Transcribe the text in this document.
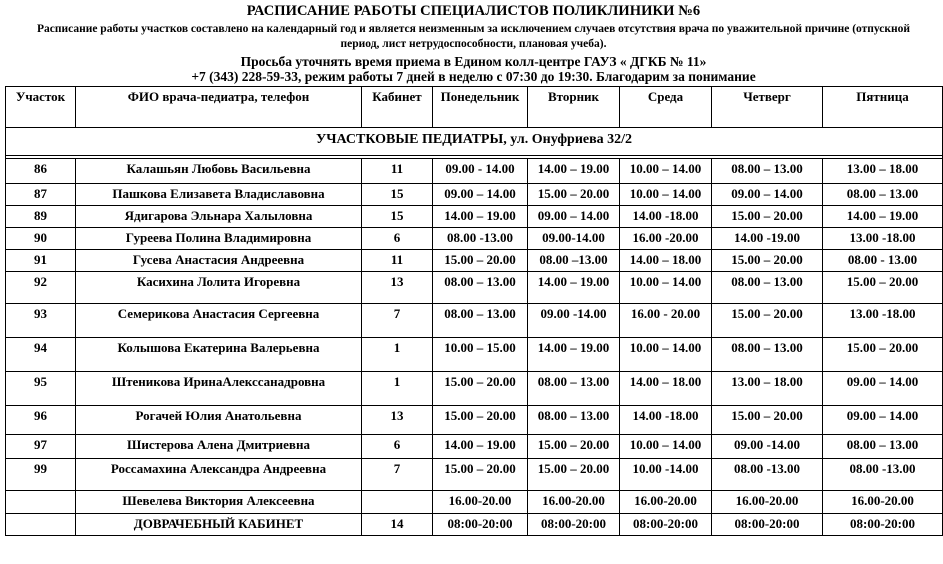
РАСПИСАНИЕ РАБОТЫ СПЕЦИАЛИСТОВ ПОЛИКЛИНИКИ №6
Расписание работы участков составлено на календарный год и является неизменным за исключением случаев отсутствия врача по уважительной причине (отпускной период, лист нетрудоспособности, плановая учеба).
Просьба уточнять время приема в Едином колл-центре ГАУЗ « ДГКБ № 11»
+7 (343) 228-59-33, режим работы 7 дней в неделю с 07:30 до 19:30. Благодарим за понимание
Участок	ФИО врача-педиатра, телефон	Кабинет	Понедельник	Вторник	Среда	Четверг	Пятница
УЧАСТКОВЫЕ ПЕДИАТРЫ, ул. Онуфриева 32/2							

86	Калашьян Любовь Васильевна	11	09.00 - 14.00	14.00 – 19.00	10.00 – 14.00	08.00 – 13.00	13.00 – 18.00
87	Пашкова Елизавета Владиславовна	15	09.00 – 14.00	15.00 – 20.00	10.00 – 14.00	09.00 – 14.00	08.00 – 13.00
89	Ядигарова Эльнара Халыловна	15	14.00 – 19.00	09.00 – 14.00	14.00 -18.00	15.00 – 20.00	14.00 – 19.00
90	Гуреева Полина Владимировна	6	08.00 -13.00	09.00-14.00	16.00 -20.00	14.00 -19.00	13.00 -18.00
91	Гусева Анастасия Андреевна	11	15.00 – 20.00	08.00 –13.00	14.00 – 18.00	15.00 – 20.00	08.00 - 13.00
92	Касихина Лолита Игоревна	13	08.00 – 13.00	14.00 – 19.00	10.00 – 14.00	08.00 – 13.00	15.00 – 20.00
93	Семерикова Анастасия Сергеевна	7	08.00 – 13.00	09.00 -14.00	16.00 - 20.00	15.00 – 20.00	13.00 -18.00
94	Колышова Екатерина Валерьевна	1	10.00 – 15.00	14.00 – 19.00	10.00 – 14.00	08.00 – 13.00	15.00 – 20.00
95	Штеникова ИринаАлекссанадровна	1	15.00 – 20.00	08.00 – 13.00	14.00 – 18.00	13.00 – 18.00	09.00 – 14.00
96	Рогачей Юлия Анатольевна	13	15.00 – 20.00	08.00 – 13.00	14.00 -18.00	15.00 – 20.00	09.00 – 14.00
97	Шистерова Алена Дмитриевна	6	14.00 – 19.00	15.00 – 20.00	10.00 – 14.00	09.00 -14.00	08.00 – 13.00
99	Россамахина Александра Андреевна	7	15.00 – 20.00	15.00 – 20.00	10.00 -14.00	08.00 -13.00	08.00 -13.00
	Шевелева Виктория Алексеевна		16.00-20.00	16.00-20.00	16.00-20.00	16.00-20.00	16.00-20.00
	ДОВРАЧЕБНЫЙ КАБИНЕТ	14	08:00-20:00	08:00-20:00	08:00-20:00	08:00-20:00	08:00-20:00
